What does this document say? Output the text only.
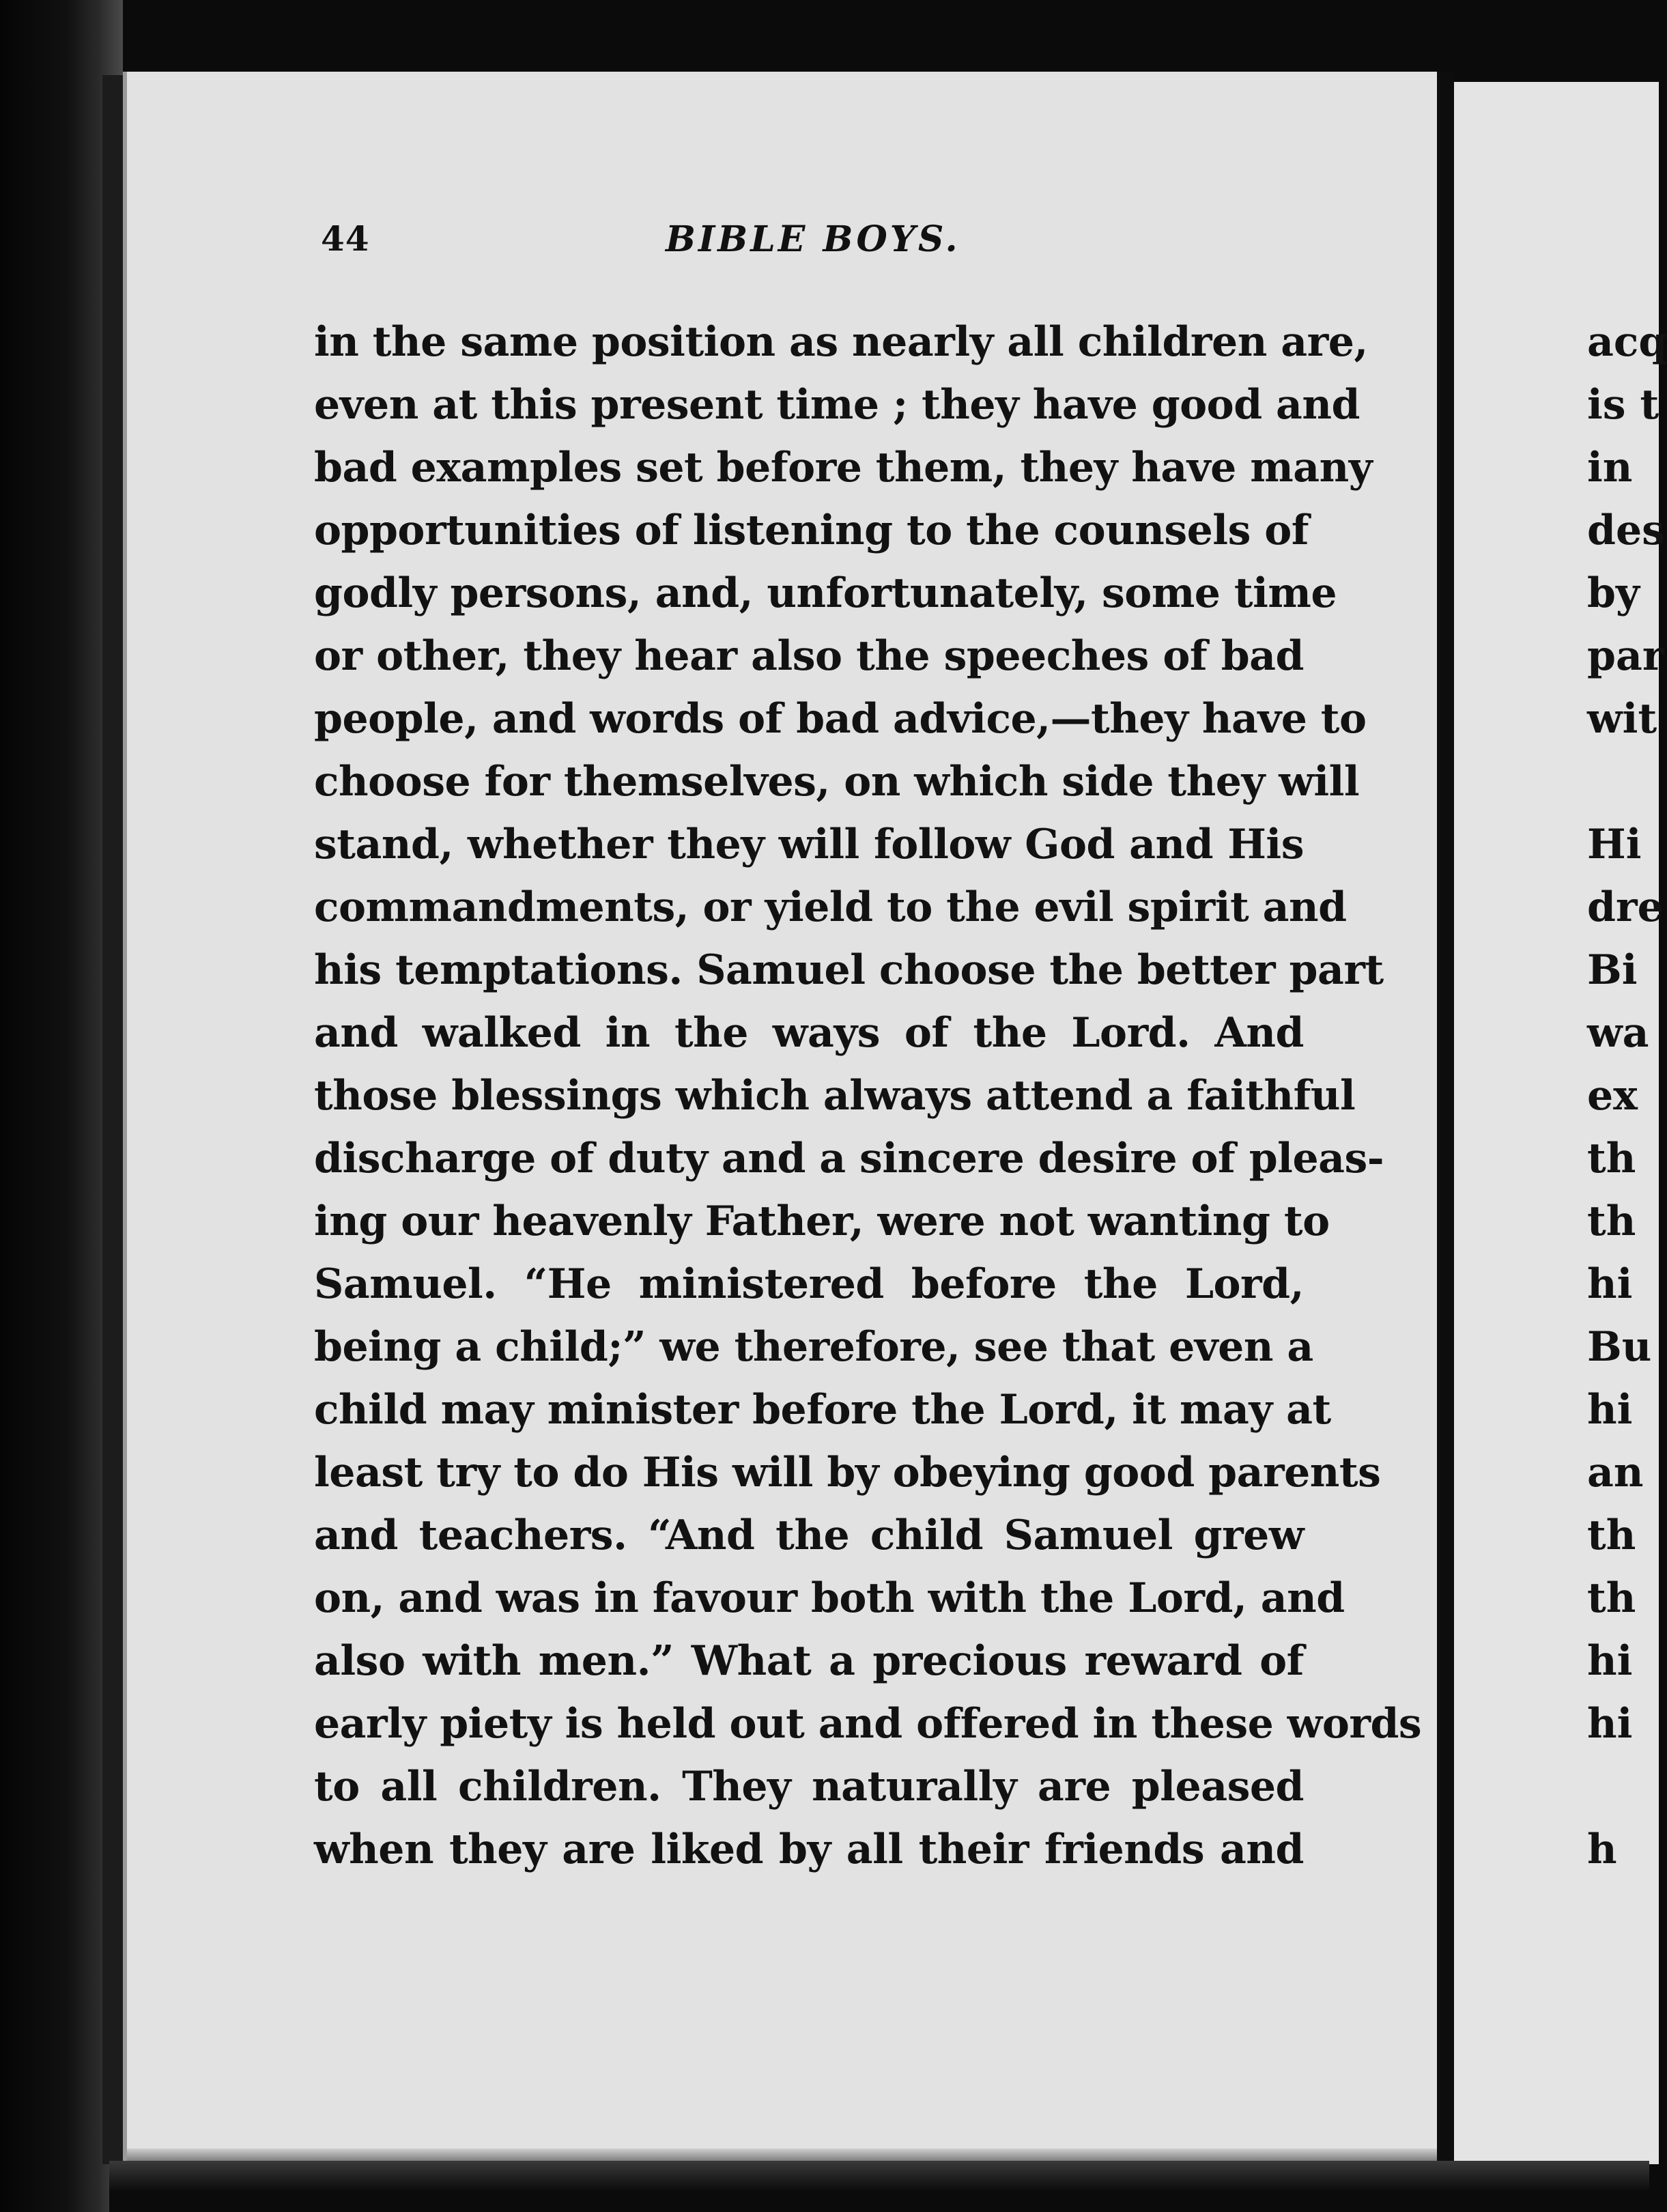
44	BIBLE BOYS.
in the same position as nearly all children are,
even at this present time ; they have good and
bad examples set before them, they have many
opportunities of listening to the counsels of
godly persons, and, unfortunately, some time
or other, they hear also the speeches of bad
people, and words of bad advice,—they have to
choose for themselves, on which side they will
stand, whether they will follow God and His
commandments, or yield to the evil spirit and
his temptations. Samuel choose the better part
and walked in the ways of the Lord. And
those blessings which always attend a faithful
discharge of duty and a sincere desire of pleas-
ing our heavenly Father, were not wanting to
Samuel. “He ministered before the Lord,
being a child;” we therefore, see that even a
child may minister before the Lord, it may at
least try to do His will by obeying good parents
and teachers. “And the child Samuel grew
on, and was in favour both with the Lord, and
also with men.” What a precious reward of
early piety is held out and offered in these words
to all children. They naturally are pleased
when they are liked by all their friends and
acq
is t
in
des
by
par
wit
Hi
dre
Bi
wa
ex
th
th
hi
Bu
hi
an
th
th
hi
hi
h
